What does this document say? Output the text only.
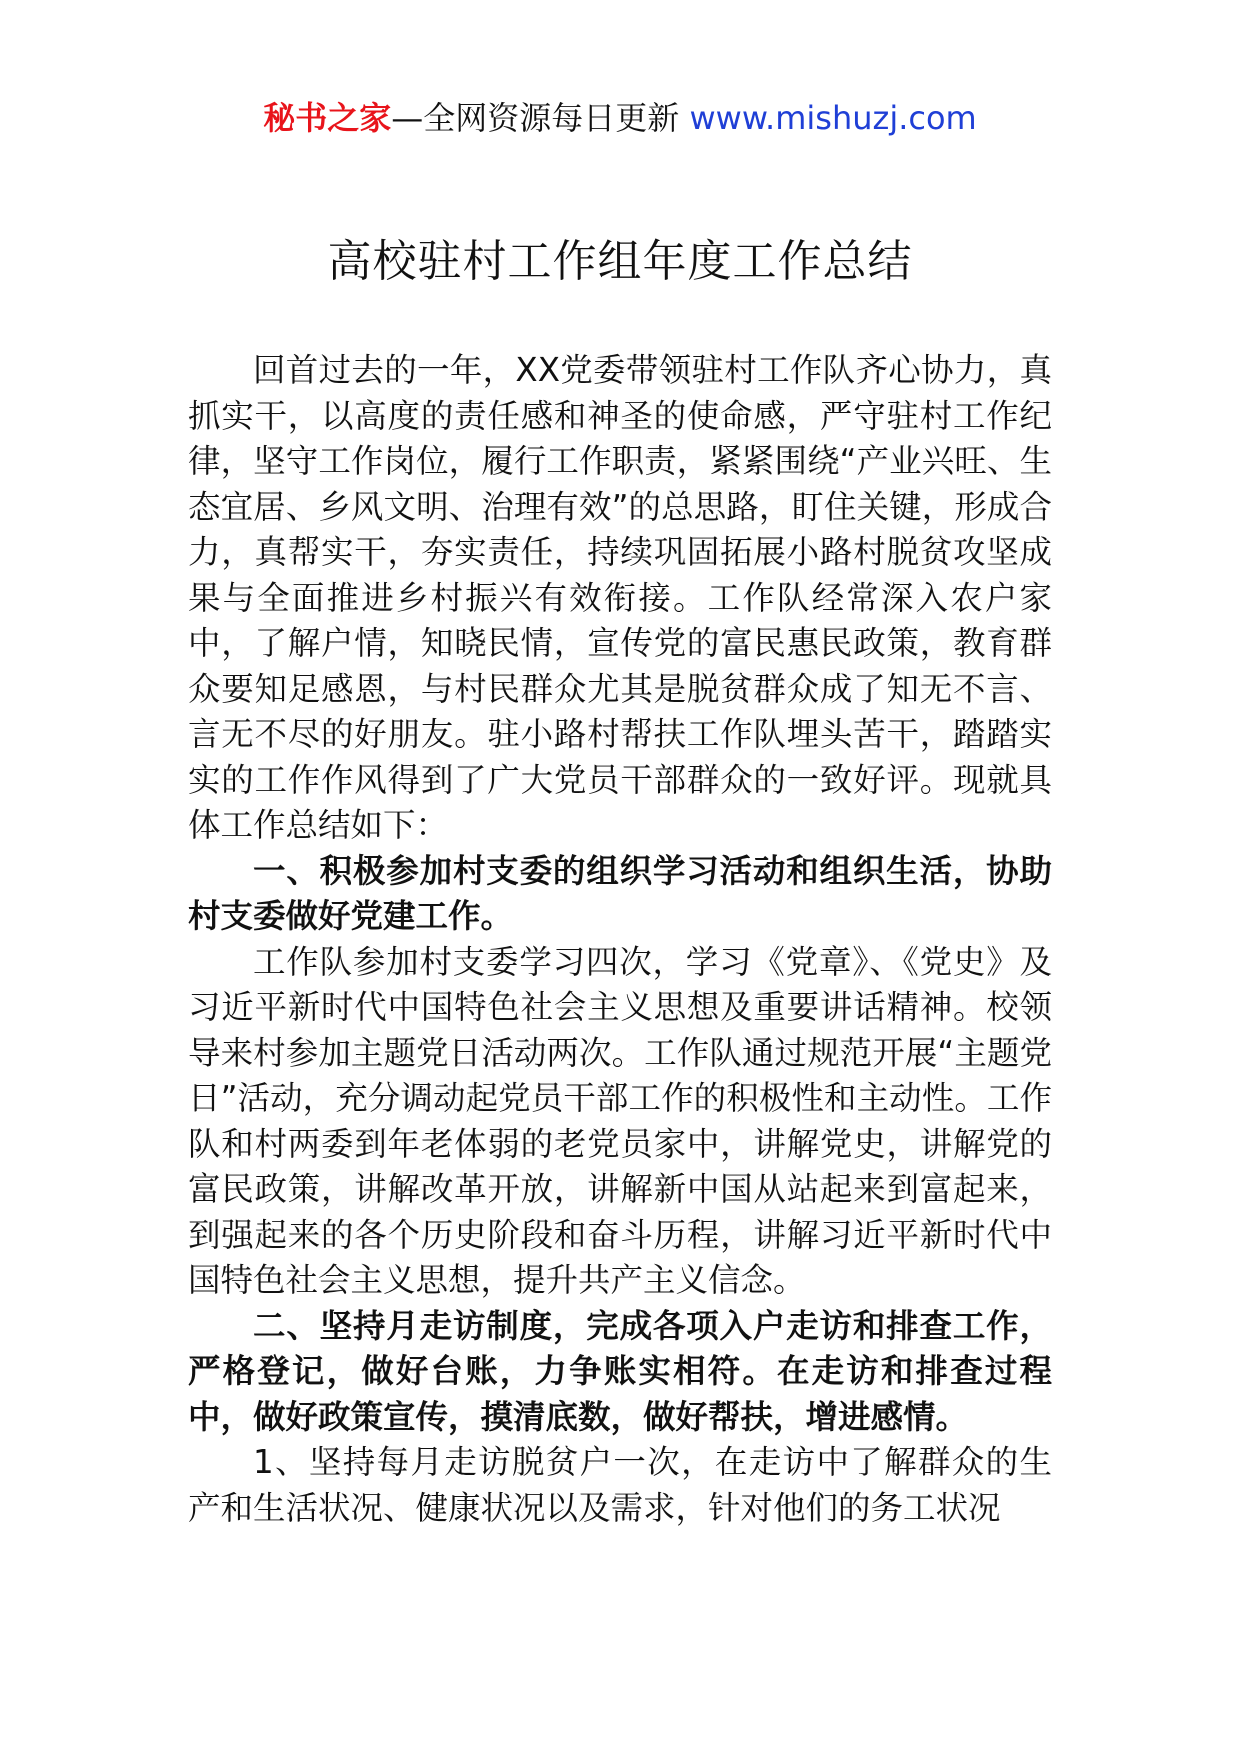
秘书之家—全网资源每日更新 www.mishuzj.com
高校驻村工作组年度工作总结

回首过去的一年，XX党委带领驻村工作队齐心协力，真抓实干，以高度的责任感和神圣的使命感，严守驻村工作纪律，坚守工作岗位，履行工作职责，紧紧围绕“产业兴旺、生态宜居、乡风文明、治理有效”的总思路，盯住关键，形成合力，真帮实干，夯实责任，持续巩固拓展小路村脱贫攻坚成果与全面推进乡村振兴有效衔接。工作队经常深入农户家中，了解户情，知晓民情，宣传党的富民惠民政策，教育群众要知足感恩，与村民群众尤其是脱贫群众成了知无不言、言无不尽的好朋友。驻小路村帮扶工作队埋头苦干，踏踏实实的工作作风得到了广大党员干部群众的一致好评。现就具体工作总结如下：

一、积极参加村支委的组织学习活动和组织生活，协助村支委做好党建工作。

工作队参加村支委学习四次，学习《党章》、《党史》及习近平新时代中国特色社会主义思想及重要讲话精神。校领导来村参加主题党日活动两次。工作队通过规范开展“主题党日”活动，充分调动起党员干部工作的积极性和主动性。工作队和村两委到年老体弱的老党员家中，讲解党史，讲解党的富民政策，讲解改革开放，讲解新中国从站起来到富起来，到强起来的各个历史阶段和奋斗历程，讲解习近平新时代中国特色社会主义思想，提升共产主义信念。

二、坚持月走访制度，完成各项入户走访和排查工作，严格登记，做好台账，力争账实相符。在走访和排查过程中，做好政策宣传，摸清底数，做好帮扶，增进感情。

1、坚持每月走访脱贫户一次，在走访中了解群众的生产和生活状况、健康状况以及需求，针对他们的务工状况
